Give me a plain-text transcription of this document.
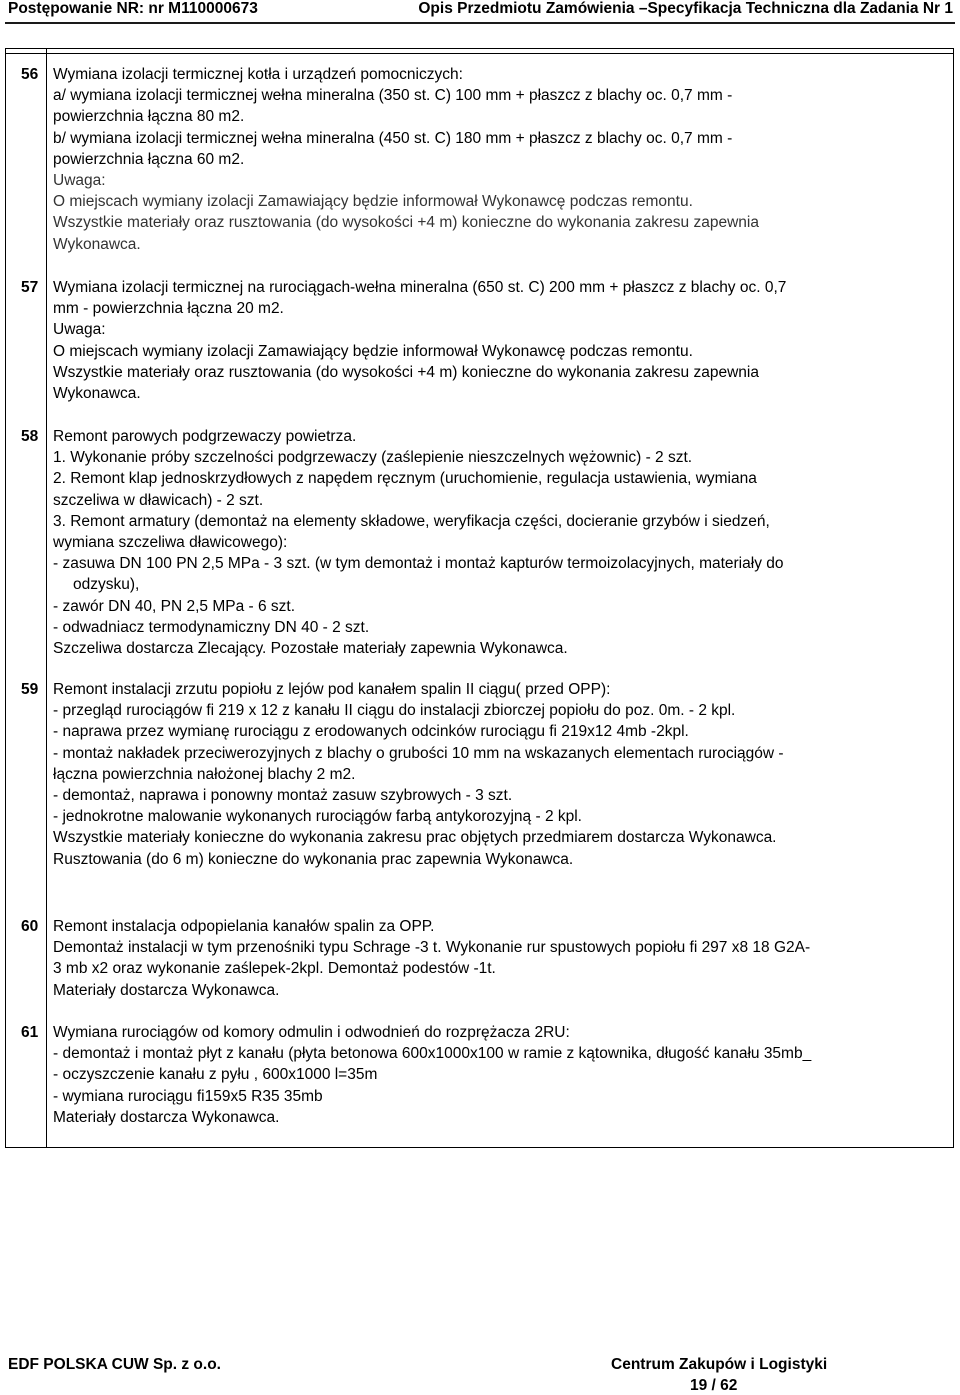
Postępowanie NR: nr M110000673	Opis Przedmiotu Zamówienia –Specyfikacja Techniczna dla Zadania Nr 1
56 Wymiana izolacji termicznej kotła i urządzeń pomocniczych:
a/ wymiana izolacji termicznej wełna mineralna (350 st. C) 100 mm + płaszcz z blachy oc. 0,7 mm -
powierzchnia łączna 80 m2.
b/ wymiana izolacji termicznej wełna mineralna (450 st. C) 180 mm + płaszcz z blachy oc. 0,7 mm -
powierzchnia łączna 60 m2.
Uwaga:
O miejscach wymiany izolacji Zamawiający będzie informował Wykonawcę podczas remontu.
Wszystkie materiały oraz rusztowania (do wysokości +4 m) konieczne do wykonania zakresu zapewnia
Wykonawca.
57 Wymiana izolacji termicznej na rurociągach-wełna mineralna (650 st. C) 200 mm + płaszcz z blachy oc. 0,7
mm - powierzchnia łączna 20 m2.
Uwaga:
O miejscach wymiany izolacji Zamawiający będzie informował Wykonawcę podczas remontu.
Wszystkie materiały oraz rusztowania (do wysokości +4 m) konieczne do wykonania zakresu zapewnia
Wykonawca.
58 Remont parowych podgrzewaczy powietrza.
1. Wykonanie próby szczelności podgrzewaczy (zaślepienie nieszczelnych wężownic) - 2 szt.
2. Remont klap jednoskrzydłowych z napędem ręcznym (uruchomienie, regulacja ustawienia, wymiana
szczeliwa w dławicach) - 2 szt.
3. Remont armatury (demontaż na elementy składowe, weryfikacja części, docieranie grzybów i siedzeń,
wymiana szczeliwa dławicowego):
- zasuwa DN 100 PN 2,5 MPa - 3 szt. (w tym demontaż i montaż kapturów termoizolacyjnych, materiały do
odzysku),
- zawór DN 40, PN 2,5 MPa - 6 szt.
- odwadniacz termodynamiczny DN 40 - 2 szt.
Szczeliwa dostarcza Zlecający. Pozostałe materiały zapewnia Wykonawca.
59 Remont instalacji zrzutu popiołu z lejów pod kanałem spalin II ciągu( przed OPP):
- przegląd rurociągów fi 219 x 12 z kanału II ciągu do instalacji zbiorczej popiołu do poz. 0m. - 2 kpl.
- naprawa przez wymianę rurociągu z erodowanych odcinków rurociągu fi 219x12 4mb -2kpl.
- montaż nakładek przeciwerozyjnych z blachy o grubości 10 mm na wskazanych elementach rurociągów -
łączna powierzchnia nałożonej blachy 2 m2.
- demontaż, naprawa i ponowny montaż zasuw szybrowych - 3 szt.
- jednokrotne malowanie wykonanych rurociągów farbą antykorozyjną - 2 kpl.
Wszystkie materiały konieczne do wykonania zakresu prac objętych przedmiarem dostarcza Wykonawca.
Rusztowania (do 6 m) konieczne do wykonania prac zapewnia Wykonawca.
60 Remont instalacja odpopielania kanałów spalin za OPP.
Demontaż instalacji w tym przenośniki typu Schrage -3 t. Wykonanie rur spustowych popiołu fi 297 x8 18 G2A-
3 mb x2 oraz wykonanie zaślepek-2kpl. Demontaż podestów -1t.
Materiały dostarcza Wykonawca.
61 Wymiana rurociągów od komory odmulin i odwodnień do rozprężacza 2RU:
- demontaż i montaż płyt z kanału (płyta betonowa 600x1000x100 w ramie z kątownika, długość kanału 35mb_
- oczyszczenie kanału z pyłu , 600x1000 l=35m
- wymiana rurociągu fi159x5 R35 35mb
Materiały dostarcza Wykonawca.
EDF POLSKA CUW Sp. z o.o.	Centrum Zakupów i Logistyki
19 / 62
